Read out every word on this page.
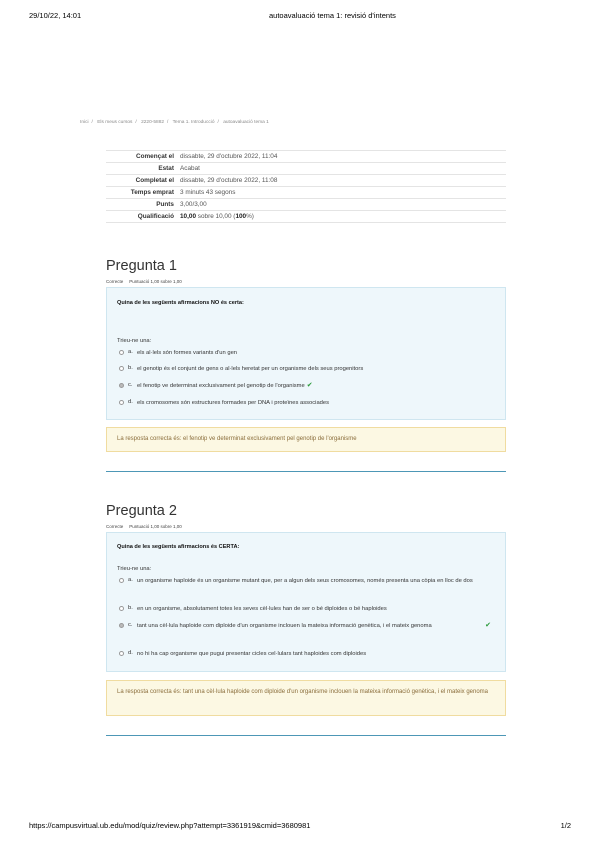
29/10/22, 14:01	autoavaluació tema 1: revisió d'intents
Inici / Els meus cursos / 2220-5882 / Tema 1. Introducció / autoavaluació tema 1
Començat el	dissabte, 29 d'octubre 2022, 11:04
Estat	Acabat
Completat el	dissabte, 29 d'octubre 2022, 11:08
Temps emprat	3 minuts 43 segons
Punts	3,00/3,00
Qualificació	10,00 sobre 10,00 (100%)
Pregunta 1
Correcte Puntuació 1,00 sobre 1,00
Quina de les següents afirmacions NO és certa:
Trieu-ne una:
a. els al·lels són formes variants d'un gen
b. el genotip és el conjunt de gens o al·lels heretat per un organisme dels seus progenitors
c. el fenotip ve determinat exclusivament pel genotip de l'organisme ✔
d. els cromosomes són estructures formades per DNA i proteïnes associades
La resposta correcta és: el fenotip ve determinat exclusivament pel genotip de l'organisme
Pregunta 2
Correcte Puntuació 1,00 sobre 1,00
Quina de les següents afirmacions és CERTA:
Trieu-ne una:
a. un organisme haploide és un organisme mutant que, per a algun dels seus cromosomes, només presenta una còpia en lloc de dos
b. en un organisme, absolutament totes les seves cèl·lules han de ser o bé diploides o bé haploides
c. tant una cèl·lula haploide com diploide d'un organisme inclouen la mateixa informació genètica, i el mateix genoma	✔
d. no hi ha cap organisme que pugui presentar cicles cel·lulars tant haploides com diploides
La resposta correcta és: tant una cèl·lula haploide com diploide d'un organisme inclouen la mateixa informació genètica, i el mateix genoma
https://campusvirtual.ub.edu/mod/quiz/review.php?attempt=3361919&cmid=3680981	1/2
